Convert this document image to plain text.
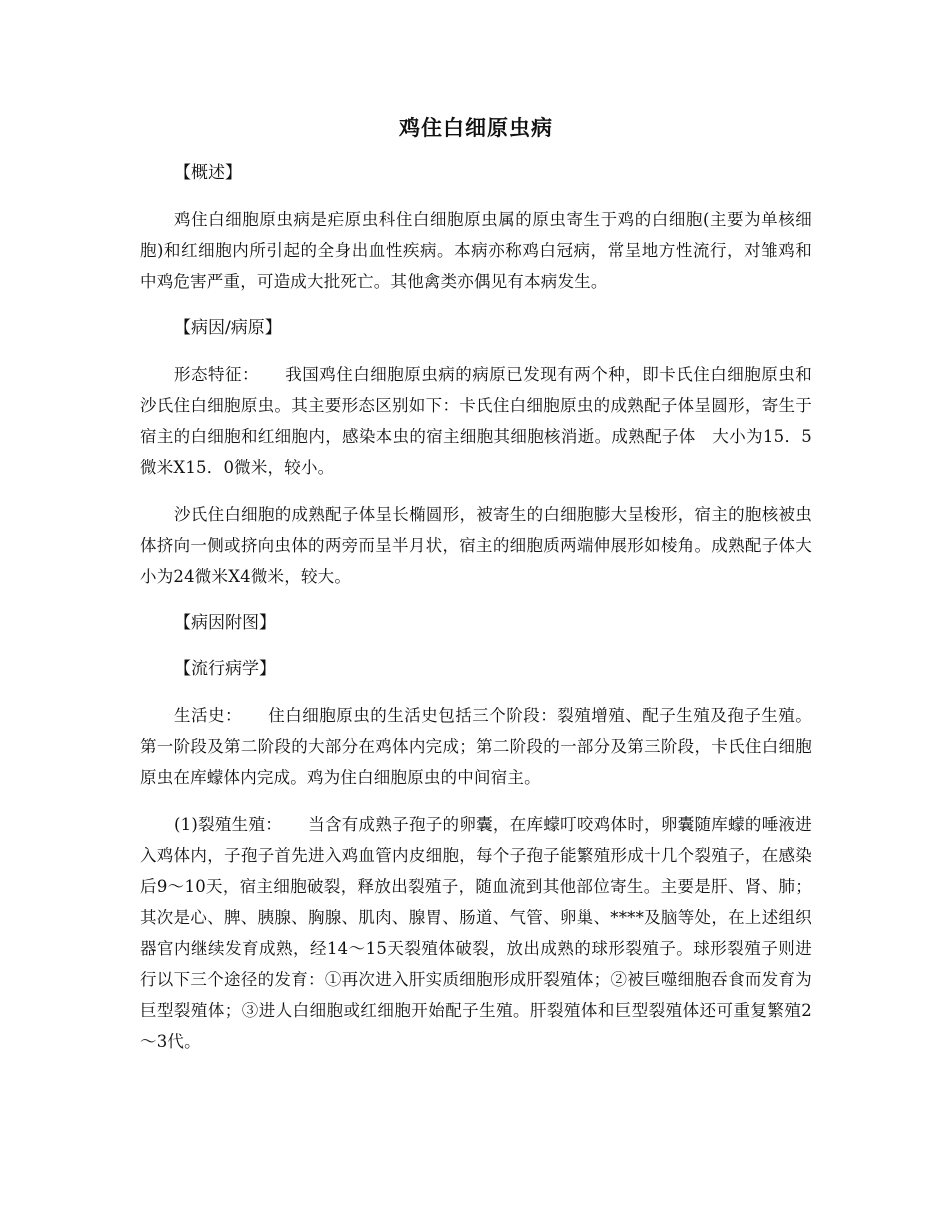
鸡住白细原虫病
【概述】

鸡住白细胞原虫病是疟原虫科住白细胞原虫属的原虫寄生于鸡的白细胞(主要为单核细胞)和红细胞内所引起的全身出血性疾病。本病亦称鸡白冠病，常呈地方性流行，对雏鸡和中鸡危害严重，可造成大批死亡。其他禽类亦偶见有本病发生。

【病因/病原】

形态特征： 我国鸡住白细胞原虫病的病原已发现有两个种，即卡氏住白细胞原虫和沙氏住白细胞原虫。其主要形态区别如下：卡氏住白细胞原虫的成熟配子体呈圆形，寄生于宿主的白细胞和红细胞内，感染本虫的宿主细胞其细胞核消逝。成熟配子体　大小为15．5微米X15．0微米，较小。

沙氏住白细胞的成熟配子体呈长椭圆形，被寄生的白细胞膨大呈梭形，宿主的胞核被虫体挤向一侧或挤向虫体的两旁而呈半月状，宿主的细胞质两端伸展形如棱角。成熟配子体大小为24微米X4微米，较大。

【病因附图】
【流行病学】

生活史： 住白细胞原虫的生活史包括三个阶段：裂殖增殖、配子生殖及孢子生殖。第一阶段及第二阶段的大部分在鸡体内完成；第二阶段的一部分及第三阶段，卡氏住白细胞原虫在库蠓体内完成。鸡为住白细胞原虫的中间宿主。

(1)裂殖生殖： 当含有成熟子孢子的卵囊，在库蠓叮咬鸡体时，卵囊随库蠓的唾液进入鸡体内，子孢子首先进入鸡血管内皮细胞，每个子孢子能繁殖形成十几个裂殖子，在感染后9～10天，宿主细胞破裂，释放出裂殖子，随血流到其他部位寄生。主要是肝、肾、肺；其次是心、脾、胰腺、胸腺、肌肉、腺胃、肠道、气管、卵巢、****及脑等处，在上述组织器官内继续发育成熟，经14～15天裂殖体破裂，放出成熟的球形裂殖子。球形裂殖子则进行以下三个途径的发育：①再次进入肝实质细胞形成肝裂殖体；②被巨噬细胞吞食而发育为巨型裂殖体；③进人白细胞或红细胞开始配子生殖。肝裂殖体和巨型裂殖体还可重复繁殖2～3代。
